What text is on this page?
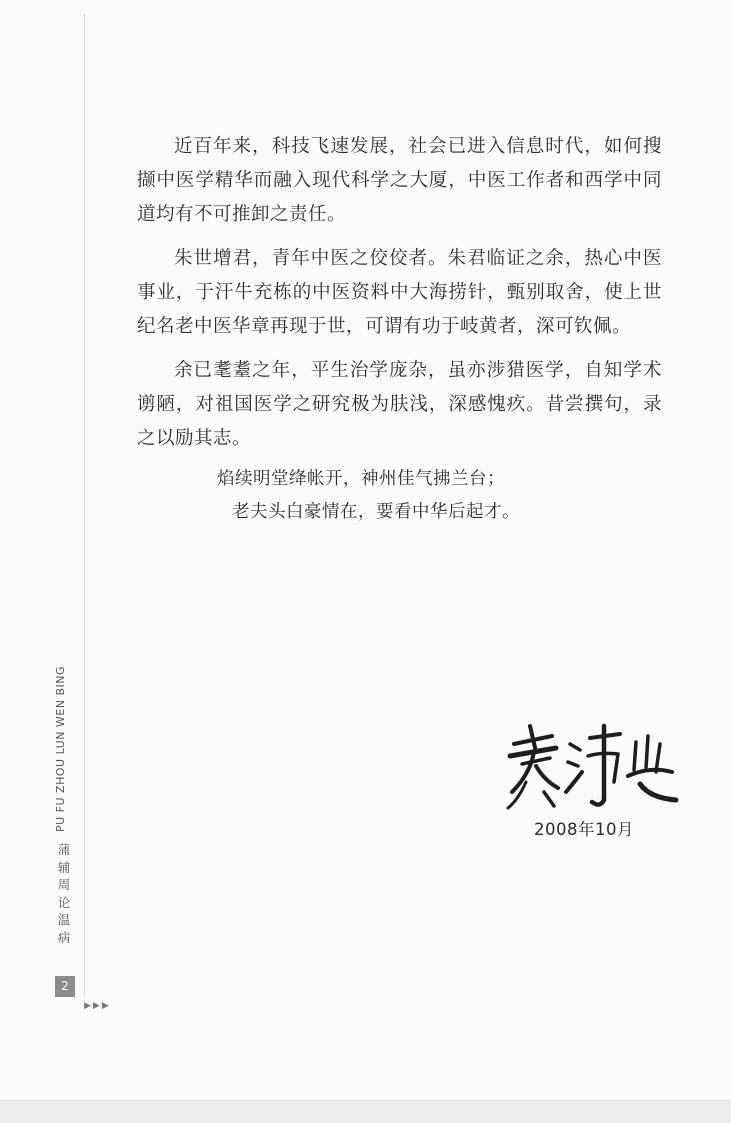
近百年来，科技飞速发展，社会已进入信息时代，如何搜撷中医学精华而融入现代科学之大厦，中医工作者和西学中同道均有不可推卸之责任。

朱世增君，青年中医之佼佼者。朱君临证之余，热心中医事业，于汗牛充栋的中医资料中大海捞针，甄别取舍，使上世纪名老中医华章再现于世，可谓有功于岐黄者，深可钦佩。

余已耄耋之年，平生治学庞杂，虽亦涉猎医学，自知学术谫陋，对祖国医学之研究极为肤浅，深感愧疚。昔尝撰句，录之以励其志。

焰续明堂绛帐开，神州佳气拂兰台；
老夫头白豪情在，要看中华后起才。
2008年10月
PU FU ZHOU LUN WEN BING
蒲
辅
周
论
温
病
2
▶▶▶
